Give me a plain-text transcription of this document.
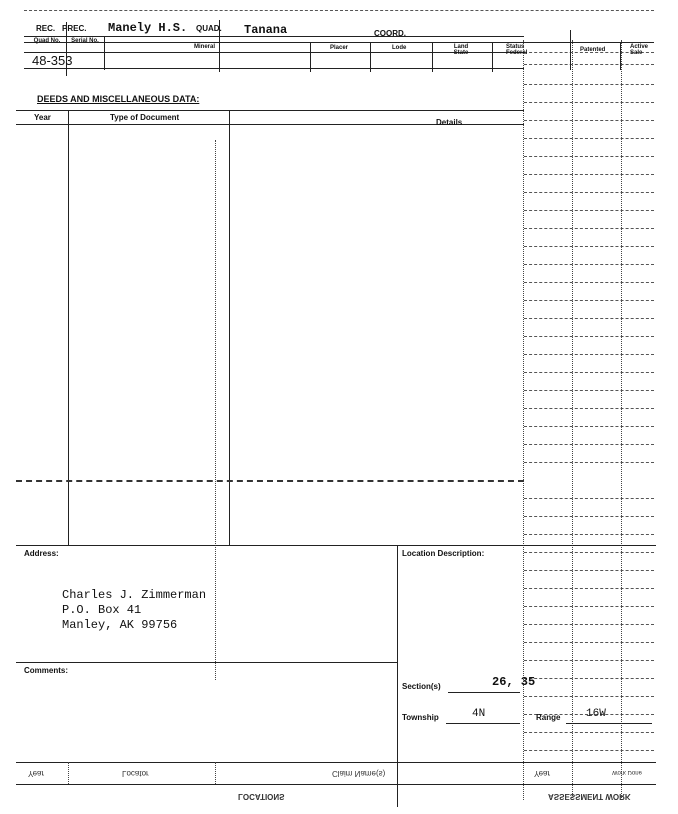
REC. PREC. Manely H.S. QUAD. Tanana	COORD.
Quad No.	Serial No.
Mineral	Placer	Lode	Land State
Status Federal	Patented	Active Sale
48-353
DEEDS AND MISCELLANEOUS DATA:
Year	Type of Document
Details
Address:
Charles J. Zimmerman
P.O. Box 41
Manley, AK 99756
Location Description:
Section(s)	26, 35
Township	4N	Range 16W
Comments:
Year	Locator	Claim Name(s)
LOCATIONS
Year	Work Done
ASSESSMENT WORK
